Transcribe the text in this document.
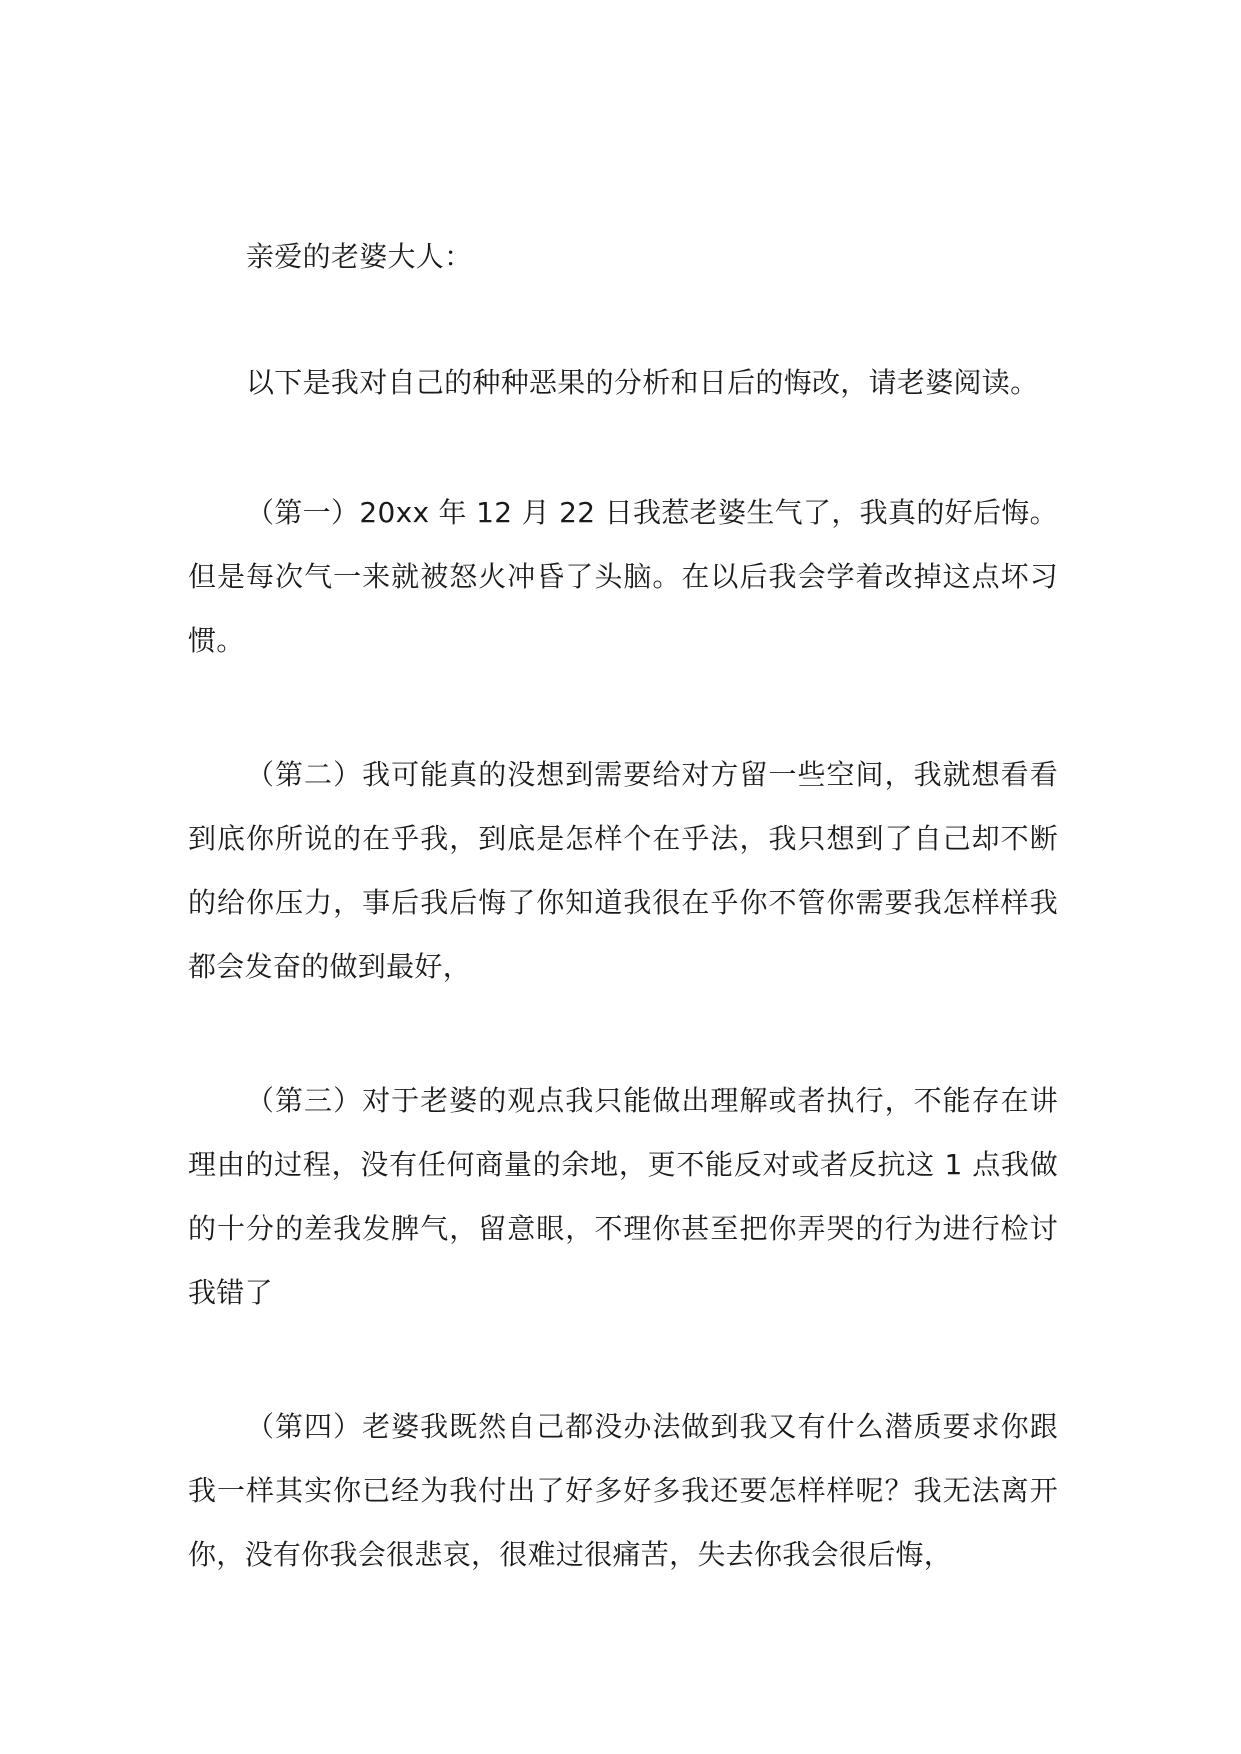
亲爱的老婆大人：

以下是我对自己的种种恶果的分析和日后的悔改，请老婆阅读。

（第一）20xx 年 12 月 22 日我惹老婆生气了，我真的好后悔。但是每次气一来就被怒火冲昏了头脑。在以后我会学着改掉这点坏习惯。

（第二）我可能真的没想到需要给对方留一些空间，我就想看看到底你所说的在乎我，到底是怎样个在乎法，我只想到了自己却不断的给你压力，事后我后悔了你知道我很在乎你不管你需要我怎样样我都会发奋的做到最好，

（第三）对于老婆的观点我只能做出理解或者执行，不能存在讲理由的过程，没有任何商量的余地，更不能反对或者反抗这 1 点我做的十分的差我发脾气，留意眼，不理你甚至把你弄哭的行为进行检讨我错了

（第四）老婆我既然自己都没办法做到我又有什么潜质要求你跟我一样其实你已经为我付出了好多好多我还要怎样样呢？我无法离开你，没有你我会很悲哀，很难过很痛苦，失去你我会很后悔，
